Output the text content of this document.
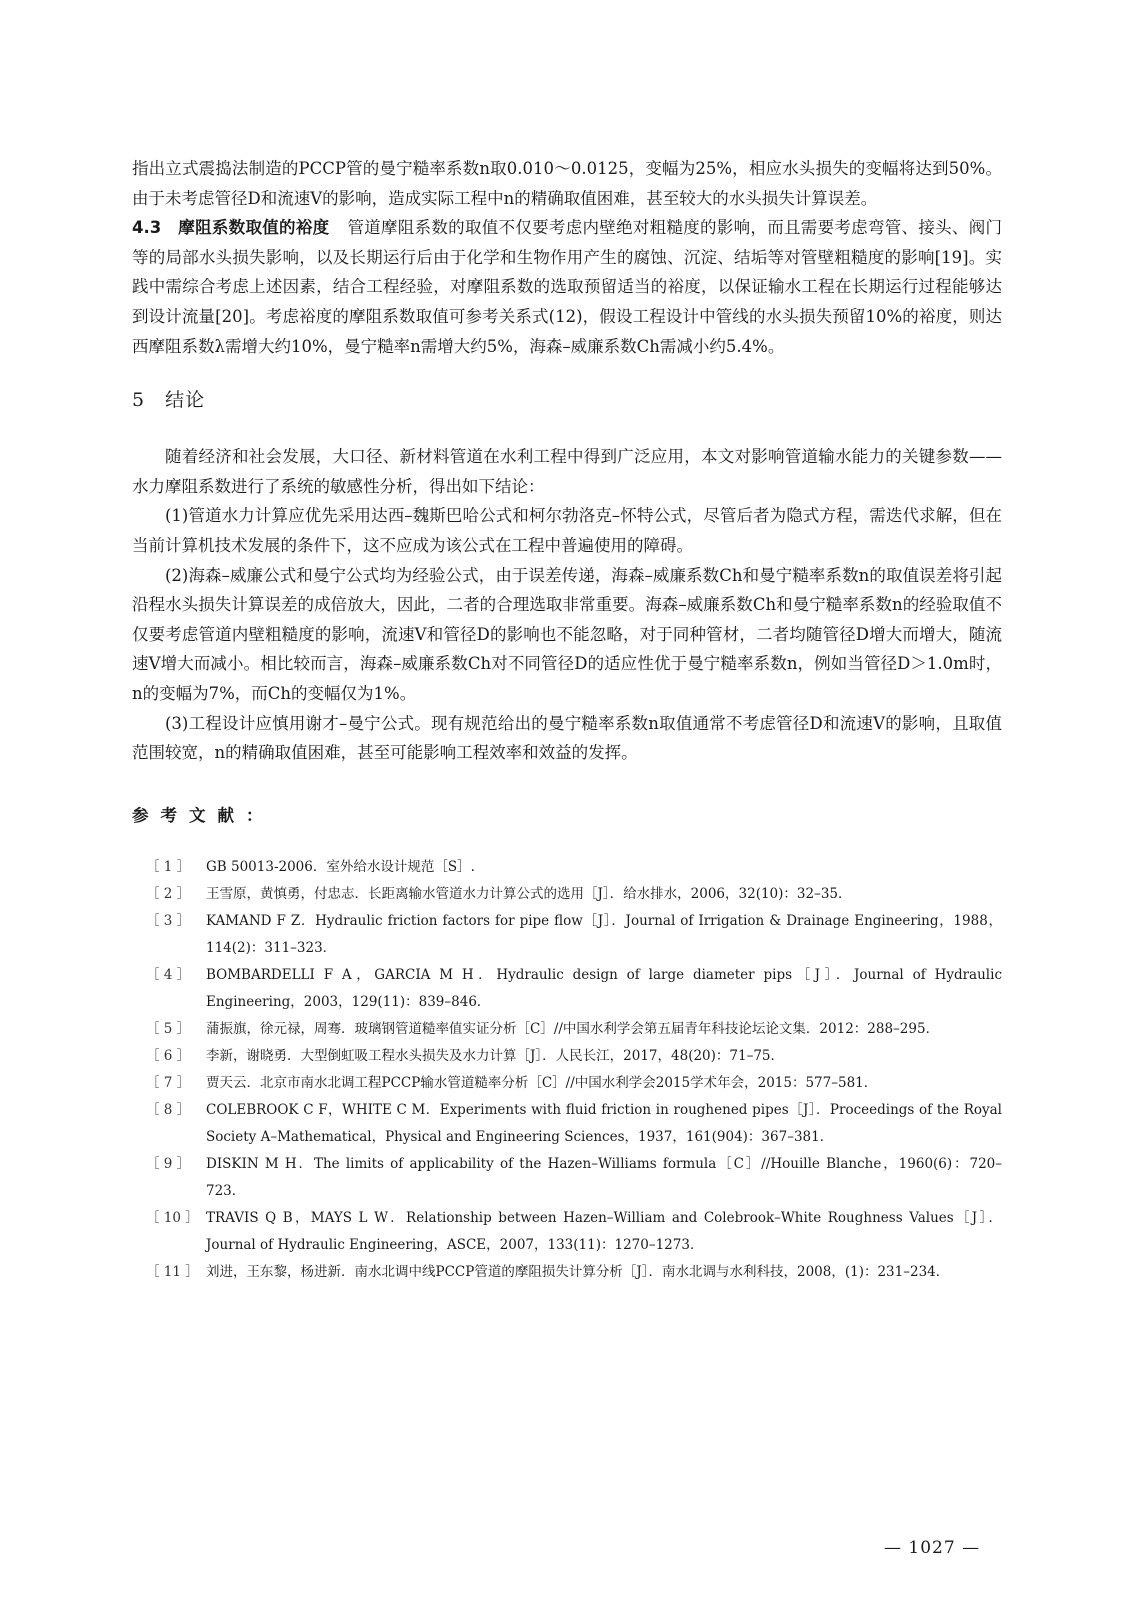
指出立式震捣法制造的PCCP管的曼宁糙率系数n取0.010～0.0125，变幅为25%，相应水头损失的变幅将达到50%。由于未考虑管径D和流速V的影响，造成实际工程中n的精确取值困难，甚至较大的水头损失计算误差。

4.3　摩阻系数取值的裕度 管道摩阻系数的取值不仅要考虑内壁绝对粗糙度的影响，而且需要考虑弯管、接头、阀门等的局部水头损失影响，以及长期运行后由于化学和生物作用产生的腐蚀、沉淀、结垢等对管壁粗糙度的影响[19]。实践中需综合考虑上述因素，结合工程经验，对摩阻系数的选取预留适当的裕度，以保证输水工程在长期运行过程能够达到设计流量[20]。考虑裕度的摩阻系数取值可参考关系式(12)，假设工程设计中管线的水头损失预留10%的裕度，则达西摩阻系数λ需增大约10%，曼宁糙率n需增大约5%，海森–威廉系数Ch需减小约5.4%。

5 结论

随着经济和社会发展，大口径、新材料管道在水利工程中得到广泛应用，本文对影响管道输水能力的关键参数——水力摩阻系数进行了系统的敏感性分析，得出如下结论：

(1)管道水力计算应优先采用达西–魏斯巴哈公式和柯尔勃洛克–怀特公式，尽管后者为隐式方程，需迭代求解，但在当前计算机技术发展的条件下，这不应成为该公式在工程中普遍使用的障碍。

(2)海森–威廉公式和曼宁公式均为经验公式，由于误差传递，海森–威廉系数Ch和曼宁糙率系数n的取值误差将引起沿程水头损失计算误差的成倍放大，因此，二者的合理选取非常重要。海森–威廉系数Ch和曼宁糙率系数n的经验取值不仅要考虑管道内壁粗糙度的影响，流速V和管径D的影响也不能忽略，对于同种管材，二者均随管径D增大而增大，随流速V增大而减小。相比较而言，海森–威廉系数Ch对不同管径D的适应性优于曼宁糙率系数n，例如当管径D＞1.0m时，n的变幅为7%，而Ch的变幅仅为1%。

(3)工程设计应慎用谢才–曼宁公式。现有规范给出的曼宁糙率系数n取值通常不考虑管径D和流速V的影响，且取值范围较宽，n的精确取值困难，甚至可能影响工程效率和效益的发挥。

参考文献：
［ 1 ］	GB 50013-2006．室外给水设计规范［S］.
［ 2 ］	王雪原，黄慎勇，付忠志．长距离输水管道水力计算公式的选用［J］．给水排水，2006，32(10)：32–35．
［ 3 ］	KAMAND F Z．Hydraulic friction factors for pipe flow［J］．Journal of Irrigation & Drainage Engineering，1988，114(2)：311–323．
［ 4 ］	BOMBARDELLI F A，GARCIA M H．Hydraulic design of large diameter pips［J］．Journal of Hydraulic Engineering，2003，129(11)：839–846．
［ 5 ］	蒲振旗，徐元禄，周骞．玻璃钢管道糙率值实证分析［C］//中国水利学会第五届青年科技论坛论文集．2012：288–295．
［ 6 ］	李新，谢晓勇．大型倒虹吸工程水头损失及水力计算［J］．人民长江，2017，48(20)：71–75．
［ 7 ］	贾天云．北京市南水北调工程PCCP输水管道糙率分析［C］//中国水利学会2015学术年会，2015：577–581．
［ 8 ］	COLEBROOK C F，WHITE C M．Experiments with fluid friction in roughened pipes［J］．Proceedings of the Royal Society A–Mathematical，Physical and Engineering Sciences，1937，161(904)：367–381．
［ 9 ］	DISKIN M H．The limits of applicability of the Hazen–Williams formula［C］//Houille Blanche，1960(6)：720–723．
［ 10 ］ TRAVIS Q B，MAYS L W．Relationship between Hazen–William and Colebrook–White Roughness Values［J］．Journal of Hydraulic Engineering，ASCE，2007，133(11)：1270–1273．
［ 11 ］ 刘进，王东黎，杨进新．南水北调中线PCCP管道的摩阻损失计算分析［J］．南水北调与水利科技，2008，(1)：231–234．
— 1027 —
